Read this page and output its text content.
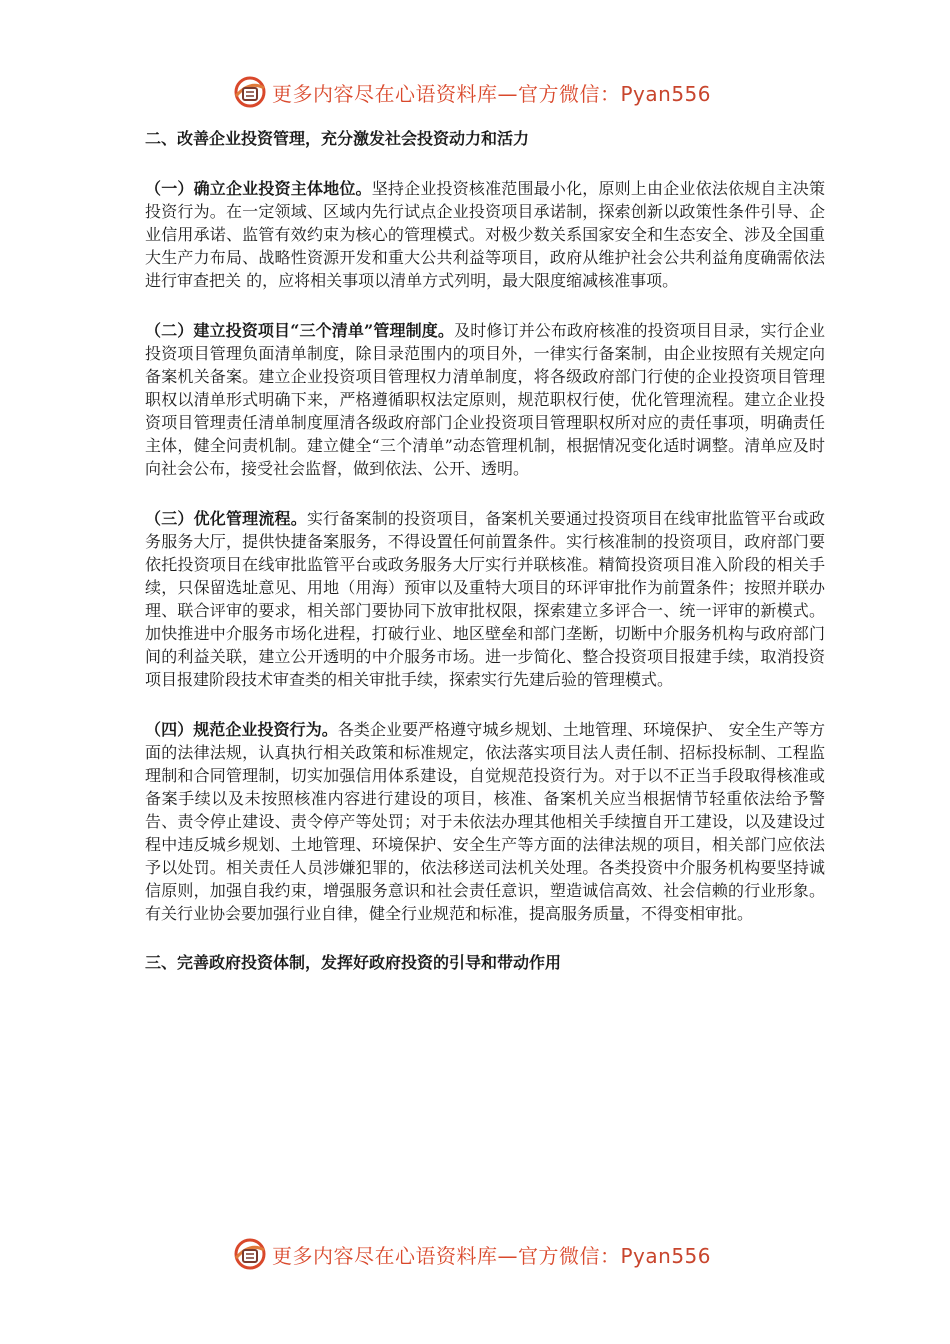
更多内容尽在心语资料库—官方微信：Pyan556

二、改善企业投资管理，充分激发社会投资动力和活力

（一）确立企业投资主体地位。坚持企业投资核准范围最小化，原则上由企业依法依规自主决策投资行为。在一定领域、区域内先行试点企业投资项目承诺制，探索创新以政策性条件引导、企业信用承诺、监管有效约束为核心的管理模式。对极少数关系国家安全和生态安全、涉及全国重大生产力布局、战略性资源开发和重大公共利益等项目，政府从维护社会公共利益角度确需依法进行审查把关 的，应将相关事项以清单方式列明，最大限度缩减核准事项。

（二）建立投资项目“三个清单”管理制度。及时修订并公布政府核准的投资项目目录，实行企业投资项目管理负面清单制度，除目录范围内的项目外，一律实行备案制，由企业按照有关规定向备案机关备案。建立企业投资项目管理权力清单制度，将各级政府部门行使的企业投资项目管理职权以清单形式明确下来，严格遵循职权法定原则，规范职权行使，优化管理流程。建立企业投资项目管理责任清单制度厘清各级政府部门企业投资项目管理职权所对应的责任事项，明确责任主体，健全问责机制。建立健全“三个清单”动态管理机制，根据情况变化适时调整。清单应及时向社会公布，接受社会监督，做到依法、公开、透明。

（三）优化管理流程。实行备案制的投资项目，备案机关要通过投资项目在线审批监管平台或政务服务大厅，提供快捷备案服务，不得设置任何前置条件。实行核准制的投资项目，政府部门要依托投资项目在线审批监管平台或政务服务大厅实行并联核准。精简投资项目准入阶段的相关手续，只保留选址意见、用地（用海）预审以及重特大项目的环评审批作为前置条件；按照并联办理、联合评审的要求，相关部门要协同下放审批权限，探索建立多评合一、统一评审的新模式。加快推进中介服务市场化进程，打破行业、地区壁垒和部门垄断，切断中介服务机构与政府部门间的利益关联，建立公开透明的中介服务市场。进一步简化、整合投资项目报建手续，取消投资项目报建阶段技术审查类的相关审批手续，探索实行先建后验的管理模式。

（四）规范企业投资行为。各类企业要严格遵守城乡规划、土地管理、环境保护、 安全生产等方面的法律法规，认真执行相关政策和标准规定，依法落实项目法人责任制、招标投标制、工程监理制和合同管理制，切实加强信用体系建设，自觉规范投资行为。对于以不正当手段取得核准或备案手续以及未按照核准内容进行建设的项目，核准、备案机关应当根据情节轻重依法给予警告、责令停止建设、责令停产等处罚；对于未依法办理其他相关手续擅自开工建设，以及建设过程中违反城乡规划、土地管理、环境保护、安全生产等方面的法律法规的项目，相关部门应依法予以处罚。相关责任人员涉嫌犯罪的，依法移送司法机关处理。各类投资中介服务机构要坚持诚信原则，加强自我约束，增强服务意识和社会责任意识，塑造诚信高效、社会信赖的行业形象。有关行业协会要加强行业自律，健全行业规范和标准，提高服务质量，不得变相审批。

三、完善政府投资体制，发挥好政府投资的引导和带动作用

更多内容尽在心语资料库—官方微信：Pyan556
